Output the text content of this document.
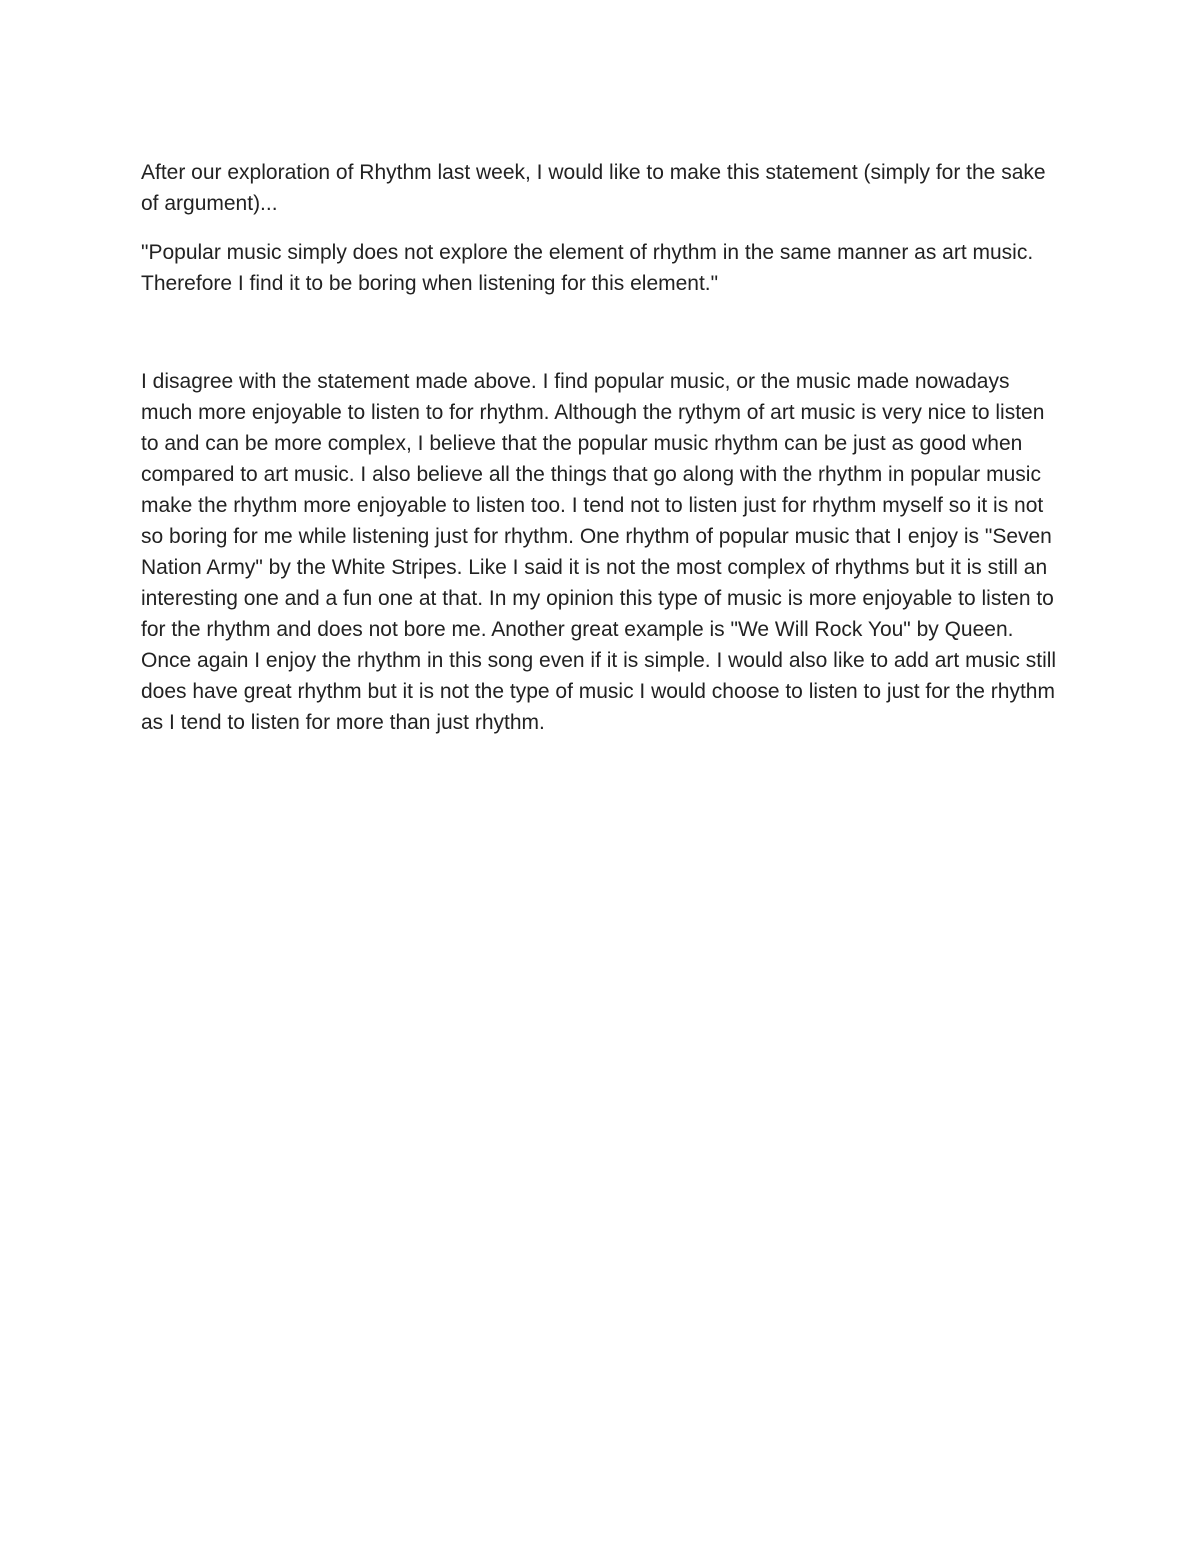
After our exploration of Rhythm last week, I would like to make this statement (simply for the sake of argument)...

"Popular music simply does not explore the element of rhythm in the same manner as art music. Therefore I find it to be boring when listening for this element."

I disagree with the statement made above. I find popular music, or the music made nowadays much more enjoyable to listen to for rhythm. Although the rythym of art music is very nice to listen to and can be more complex, I believe that the popular music rhythm can be just as good when compared to art music. I also believe all the things that go along with the rhythm in popular music make the rhythm more enjoyable to listen too. I tend not to listen just for rhythm myself so it is not so boring for me while listening just for rhythm. One rhythm of popular music that I enjoy is "Seven Nation Army" by the White Stripes. Like I said it is not the most complex of rhythms but it is still an interesting one and a fun one at that. In my opinion this type of music is more enjoyable to listen to for the rhythm and does not bore me. Another great example is "We Will Rock You" by Queen. Once again I enjoy the rhythm in this song even if it is simple. I would also like to add art music still does have great rhythm but it is not the type of music I would choose to listen to just for the rhythm as I tend to listen for more than just rhythm.
